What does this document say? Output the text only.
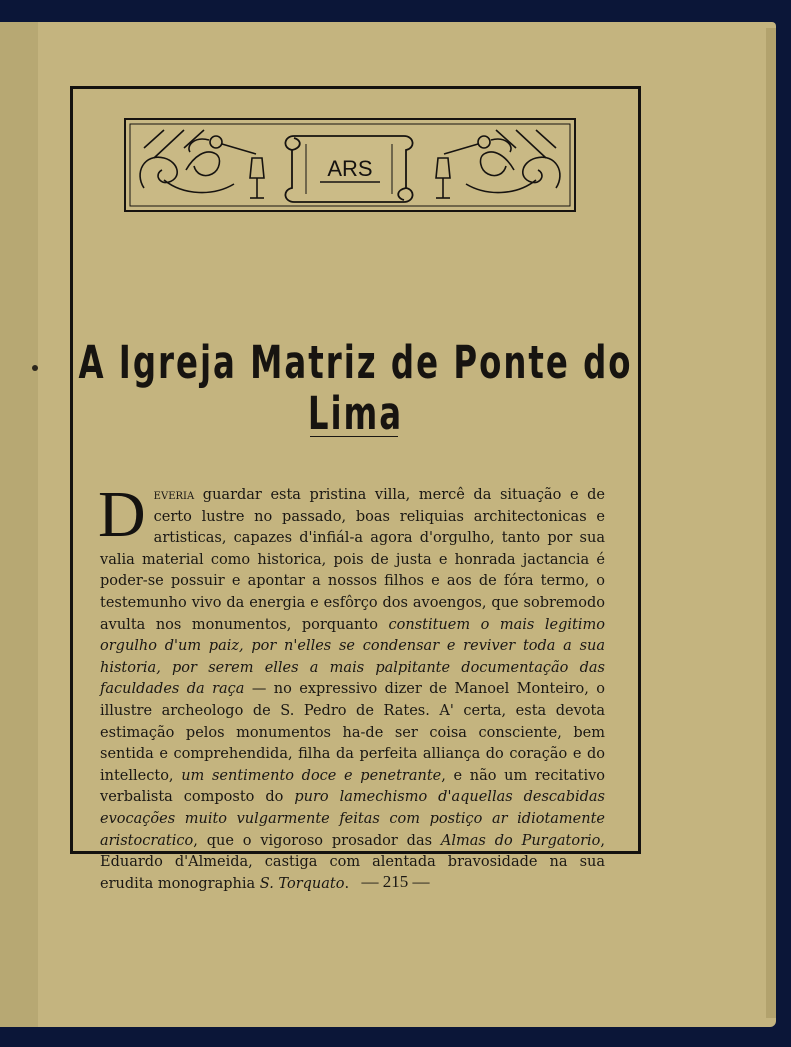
ARS
A Igreja Matriz de Ponte do Lima
Deveria guardar esta pristina villa, mercê da situação e de certo lustre no passado, boas reliquias architectonicas e artisticas, capazes d'infiál-a agora d'orgulho, tanto por sua valia material como historica, pois de justa e honrada jactancia é poder-se possuir e apontar a nossos filhos e aos de fóra termo, o testemunho vivo da energia e esfôrço dos avoengos, que sobremodo avulta nos monumentos, porquanto constituem o mais legitimo orgulho d'um paiz, por n'elles se condensar e reviver toda a sua historia, por serem elles a mais palpitante documentação das faculdades da raça — no expressivo dizer de Manoel Monteiro, o illustre archeologo de S. Pedro de Rates. A' certa, esta devota estimação pelos monumentos ha-de ser coisa consciente, bem sentida e comprehendida, filha da perfeita alliança do coração e do intellecto, um sentimento doce e penetrante, e não um recitativo verbalista composto do puro lamechismo d'aquellas descabidas evocações muito vulgarmente feitas com postiço ar idiotamente aristocratico, que o vigoroso prosador das Almas do Purgatorio, Eduardo d'Almeida, castiga com alentada bravosidade na sua erudita monographia S. Torquato. — 215 —
